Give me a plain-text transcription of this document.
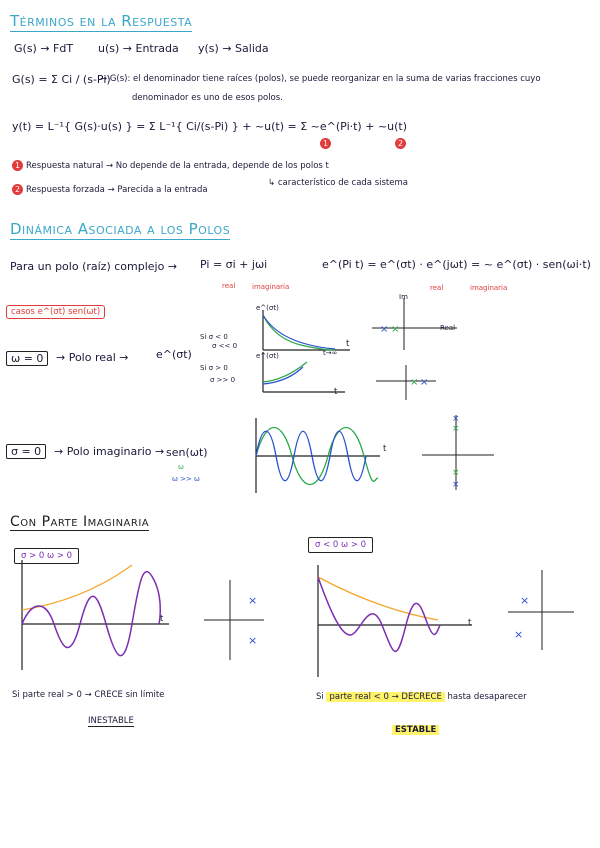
Términos en la Respuesta
G(s) → FdT u(s) → Entrada y(s) → Salida
G(s) = Σ Ci / (s-Pi)
→ G(s): el denominador tiene raíces (polos), se puede reorganizar en la suma de varias fracciones cuyo
denominador es uno de esos polos.
y(t) = L⁻¹{ G(s)·u(s) } = Σ L⁻¹{ Ci/(s-Pi) } + ~u(t) = Σ ~e^(Pi·t) + ~u(t)
1	2
1 Respuesta natural → No depende de la entrada, depende de los polos t
↳ característico de cada sistema
2 Respuesta forzada → Parecida a la entrada
Dinámica Asociada a los Polos
Para un polo (raíz) complejo → Pi = σi + jωi
real imaginaria
e^(Pi t) = e^(σt) · e^(jωt) = ~ e^(σt) · sen(ωi·t)
real	imaginaria
casos e^(σt) sen(ωt)
ω = 0	→ Polo real → e^(σt)
Si σ < 0
σ << 0
Si σ > 0
σ >> 0
e^(σt)
t→∞
t
e^(σt)
t
× ×
Im
Real
× ×
σ = 0	→ Polo imaginario → sen(ωt)
ω
ω >> ω
t
×
×
×
×
Con Parte Imaginaria
σ > 0 ω > 0
σ < 0 ω > 0
t
×
×
t
×
×
Si parte real > 0 → CRECE sin límite
INESTABLE
Si parte real < 0 → DECRECE hasta desaparecer
ESTABLE
